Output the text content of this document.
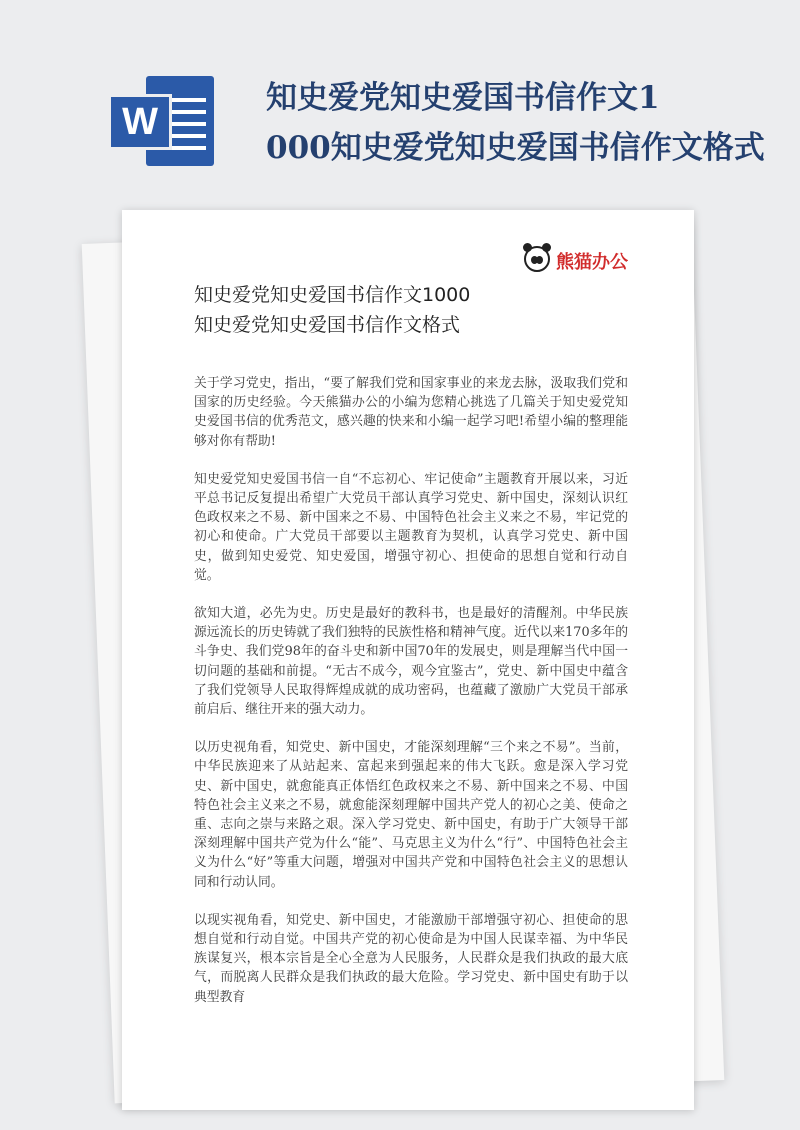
W
知史爱党知史爱国书信作文1
000知史爱党知史爱国书信作文格式
熊猫办公
知史爱党知史爱国书信作文1000
知史爱党知史爱国书信作文格式

关于学习党史，指出，“要了解我们党和国家事业的来龙去脉，汲取我们党和国家的历史经验。今天熊猫办公的小编为您精心挑选了几篇关于知史爱党知史爱国书信的优秀范文，感兴趣的快来和小编一起学习吧!希望小编的整理能够对你有帮助!

知史爱党知史爱国书信一自“不忘初心、牢记使命”主题教育开展以来，习近平总书记反复提出希望广大党员干部认真学习党史、新中国史，深刻认识红色政权来之不易、新中国来之不易、中国特色社会主义来之不易，牢记党的初心和使命。广大党员干部要以主题教育为契机，认真学习党史、新中国史，做到知史爱党、知史爱国，增强守初心、担使命的思想自觉和行动自觉。

欲知大道，必先为史。历史是最好的教科书，也是最好的清醒剂。中华民族源远流长的历史铸就了我们独特的民族性格和精神气度。近代以来170多年的斗争史、我们党98年的奋斗史和新中国70年的发展史，则是理解当代中国一切问题的基础和前提。“无古不成今，观今宜鉴古”，党史、新中国史中蕴含了我们党领导人民取得辉煌成就的成功密码，也蕴藏了激励广大党员干部承前启后、继往开来的强大动力。

以历史视角看，知党史、新中国史，才能深刻理解“三个来之不易”。当前，中华民族迎来了从站起来、富起来到强起来的伟大飞跃。愈是深入学习党史、新中国史，就愈能真正体悟红色政权来之不易、新中国来之不易、中国特色社会主义来之不易，就愈能深刻理解中国共产党人的初心之美、使命之重、志向之崇与来路之艰。深入学习党史、新中国史，有助于广大领导干部深刻理解中国共产党为什么“能”、马克思主义为什么“行”、中国特色社会主义为什么“好”等重大问题，增强对中国共产党和中国特色社会主义的思想认同和行动认同。

以现实视角看，知党史、新中国史，才能激励干部增强守初心、担使命的思想自觉和行动自觉。中国共产党的初心使命是为中国人民谋幸福、为中华民族谋复兴，根本宗旨是全心全意为人民服务，人民群众是我们执政的最大底气，而脱离人民群众是我们执政的最大危险。学习党史、新中国史有助于以典型教育
